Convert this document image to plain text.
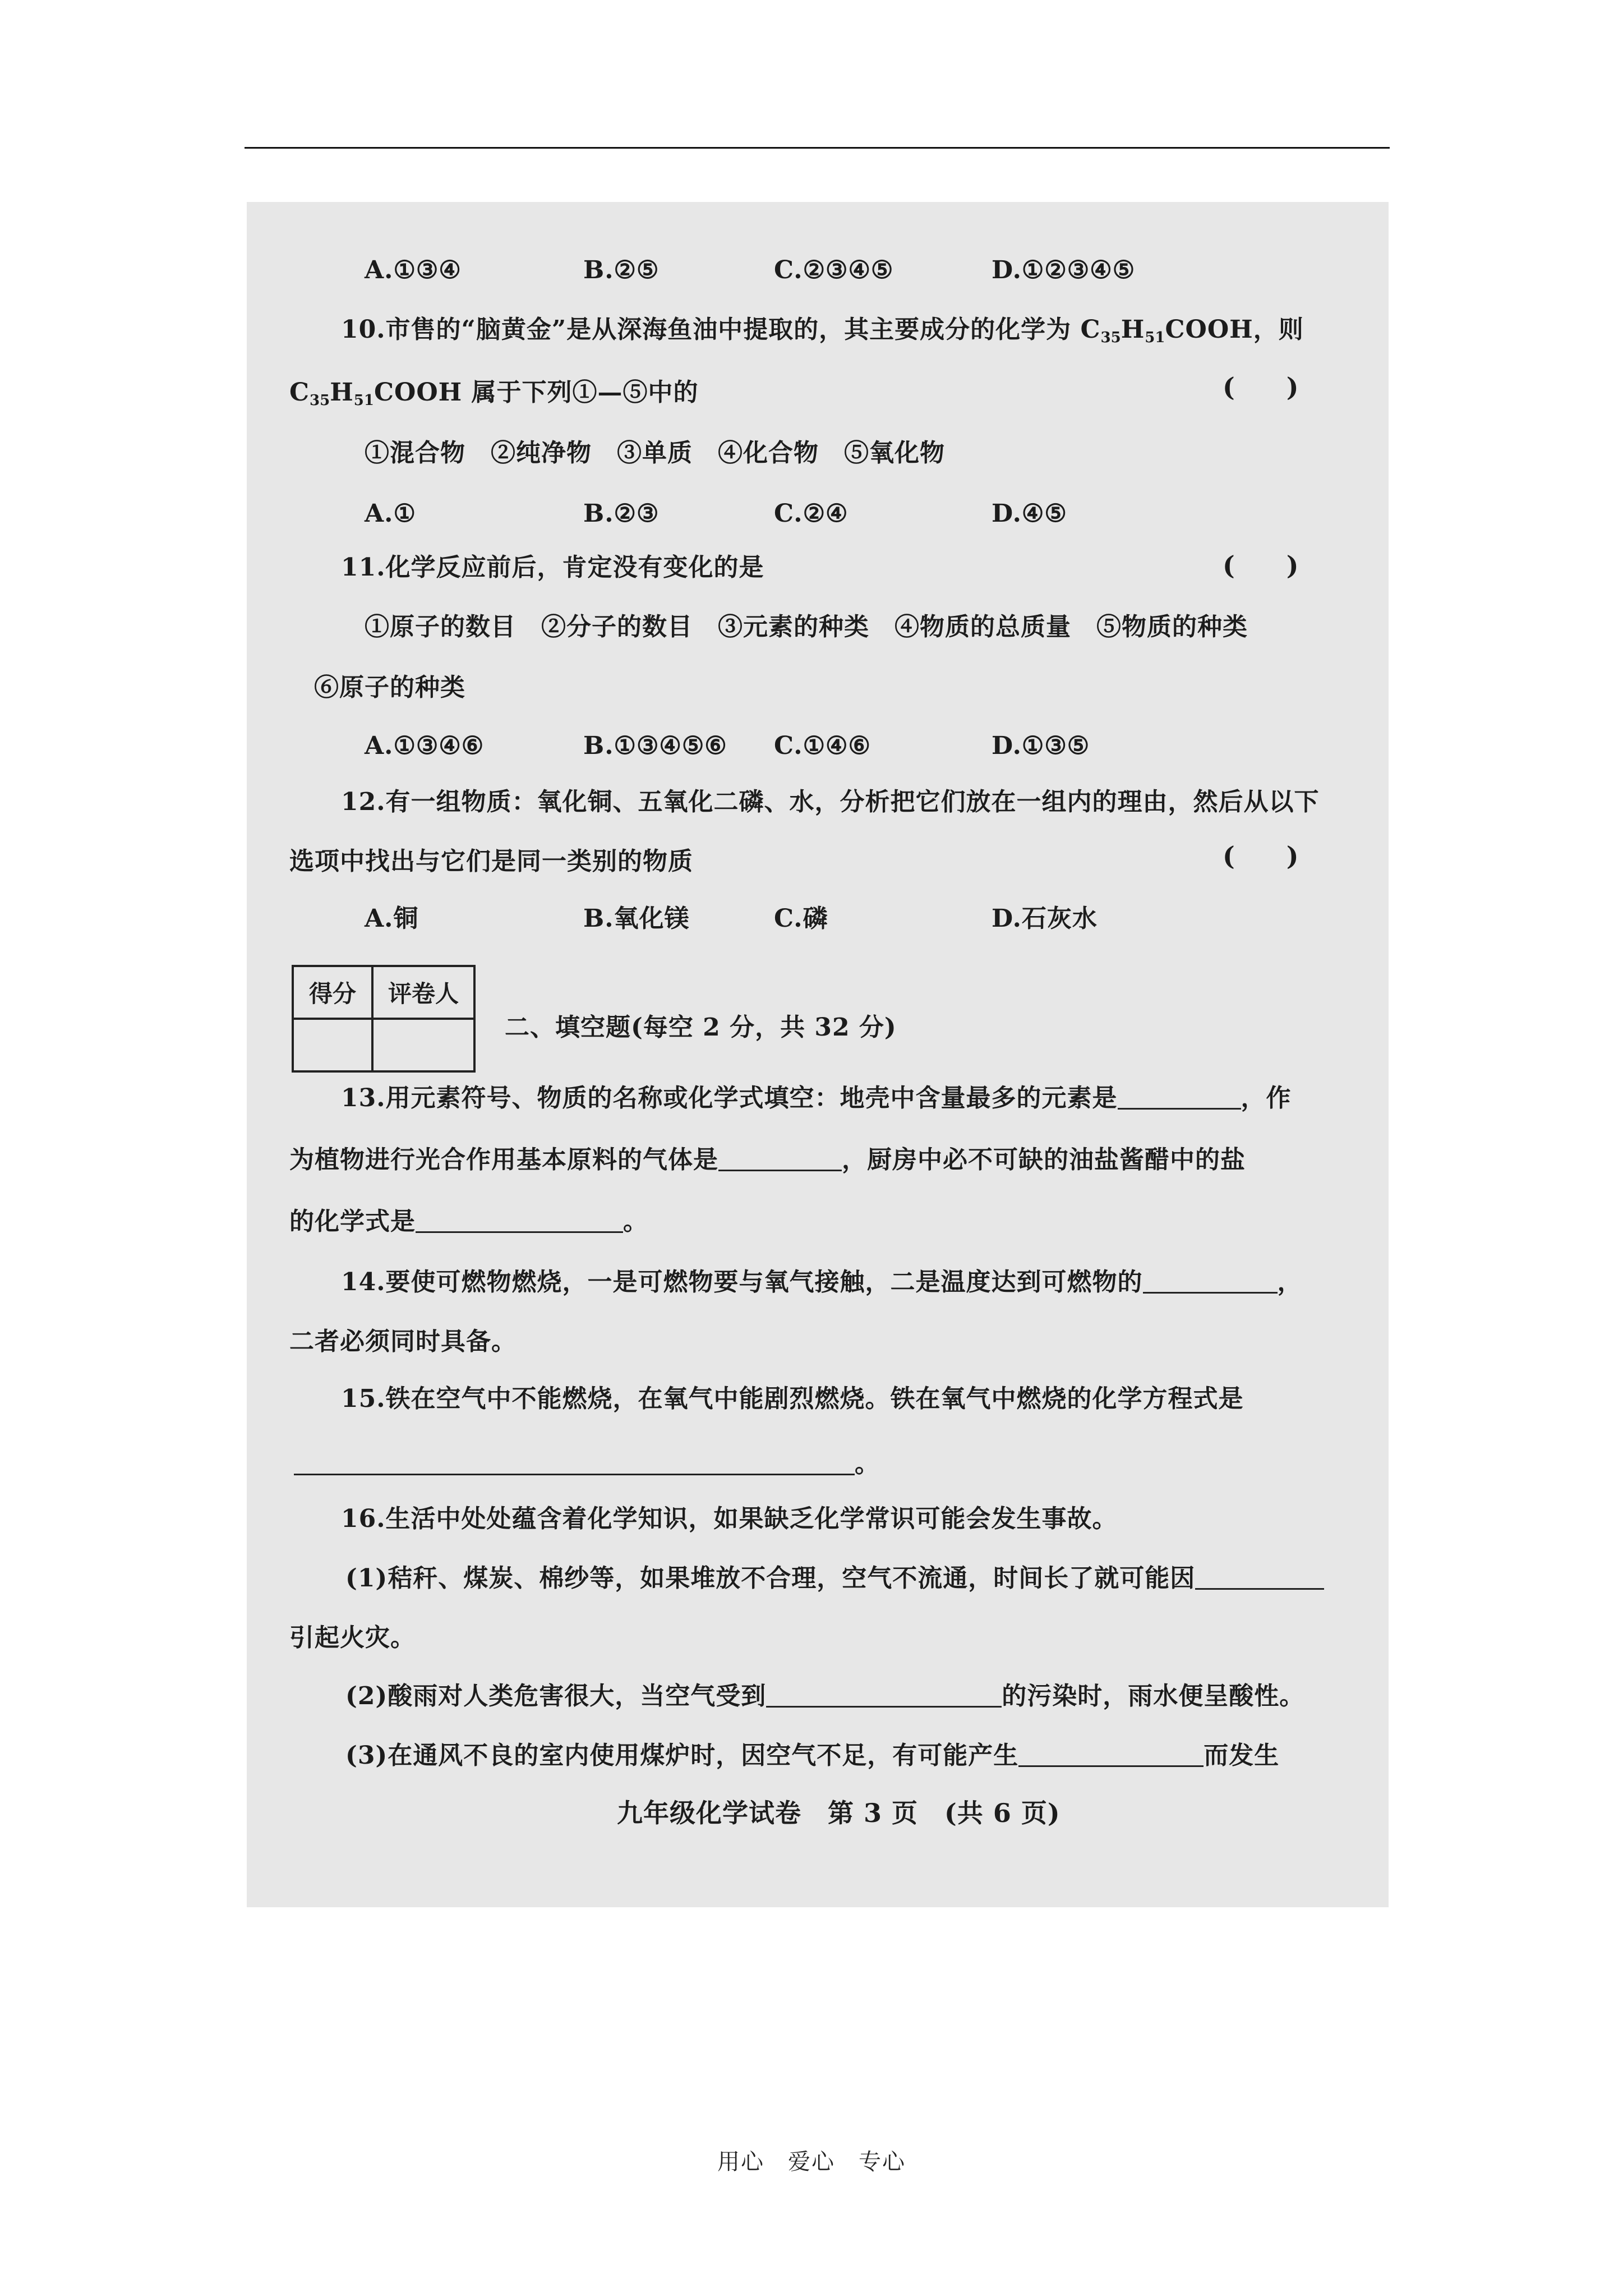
A.①③④	B.②⑤	C.②③④⑤	D.①②③④⑤
10.市售的“脑黄金”是从深海鱼油中提取的，其主要成分的化学为 $C_{35}H_{51}COOH$，则
$C_{35}H_{51}COOH$ 属于下列①—⑤中的	(　　)
①混合物　②纯净物　③单质　④化合物　⑤氧化物
A.①	B.②③	C.②④	D.④⑤
11.化学反应前后，肯定没有变化的是	(　　)
①原子的数目　②分子的数目　③元素的种类　④物质的总质量　⑤物质的种类
⑥原子的种类
A.①③④⑥	B.①③④⑤⑥ C.①④⑥	D.①③⑤
12.有一组物质：氧化铜、五氧化二磷、水，分析把它们放在一组内的理由，然后从以下
选项中找出与它们是同一类别的物质	(　　)
A.铜	B.氧化镁	C.磷	D.石灰水
得分	评卷人

二、填空题(每空 2 分，共 32 分)
13.用元素符号、物质的名称或化学式填空：地壳中含量最多的元素是	，作
为植物进行光合作用基本原料的气体是	，厨房中必不可缺的油盐酱醋中的盐
的化学式是	。
14.要使可燃物燃烧，一是可燃物要与氧气接触，二是温度达到可燃物的	，
二者必须同时具备。
15.铁在空气中不能燃烧，在氧气中能剧烈燃烧。铁在氧气中燃烧的化学方程式是
。
16.生活中处处蕴含着化学知识，如果缺乏化学常识可能会发生事故。
(1)秸秆、煤炭、棉纱等，如果堆放不合理，空气不流通，时间长了就可能因
引起火灾。
(2)酸雨对人类危害很大，当空气受到	的污染时，雨水便呈酸性。
(3)在通风不良的室内使用煤炉时，因空气不足，有可能产生	而发生
九年级化学试卷　第 3 页　(共 6 页)
用心　爱心　专心
